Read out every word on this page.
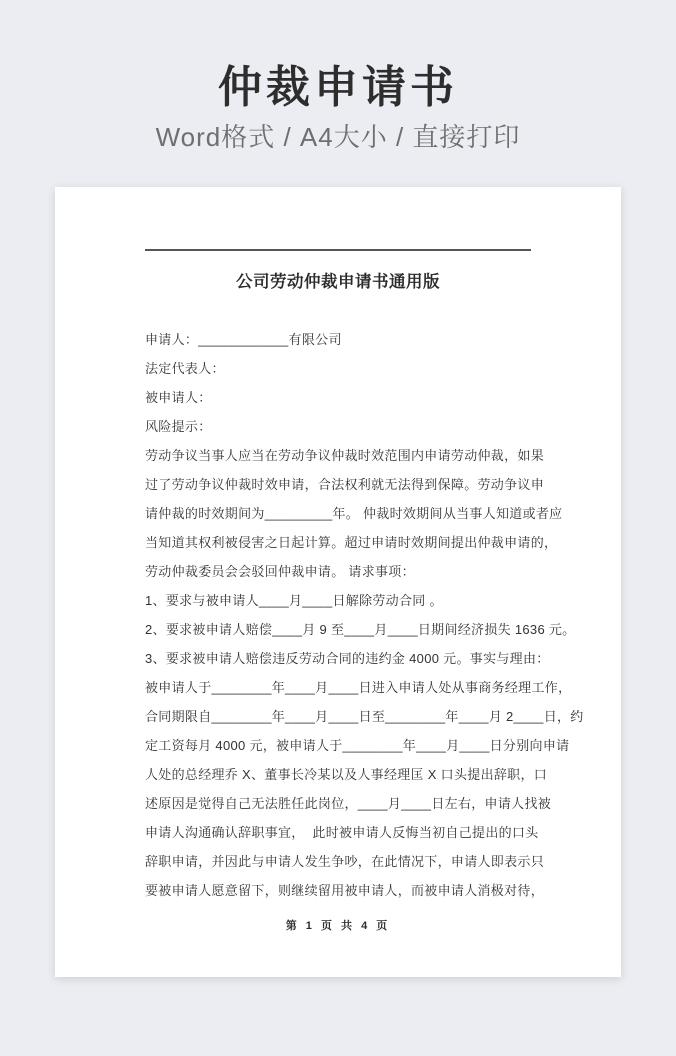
仲裁申请书
Word格式 / A4大小 / 直接打印
公司劳动仲裁申请书通用版
申请人：____________有限公司
法定代表人：
被申请人：
风险提示：
劳动争议当事人应当在劳动争议仲裁时效范围内申请劳动仲裁，如果
过了劳动争议仲裁时效申请，合法权利就无法得到保障。劳动争议申
请仲裁的时效期间为_________年。 仲裁时效期间从当事人知道或者应
当知道其权利被侵害之日起计算。超过申请时效期间提出仲裁申请的，
劳动仲裁委员会会驳回仲裁申请。 请求事项：
1、要求与被申请人____月____日解除劳动合同 。
2、要求被申请人赔偿____月 9 至____月____日期间经济损失 1636 元。
3、要求被申请人赔偿违反劳动合同的违约金 4000 元。事实与理由：
被申请人于________年____月____日进入申请人处从事商务经理工作，
合同期限自________年____月____日至________年____月 2____日，约
定工资每月 4000 元，被申请人于________年____月____日分别向申请
人处的总经理乔 X、董事长冷某以及人事经理匡 X 口头提出辞职，口
述原因是觉得自己无法胜任此岗位，____月____日左右，申请人找被
申请人沟通确认辞职事宜，  此时被申请人反悔当初自己提出的口头
辞职申请，并因此与申请人发生争吵，在此情况下，申请人即表示只
要被申请人愿意留下，则继续留用被申请人，而被申请人消极对待，
第 1 页 共 4 页
